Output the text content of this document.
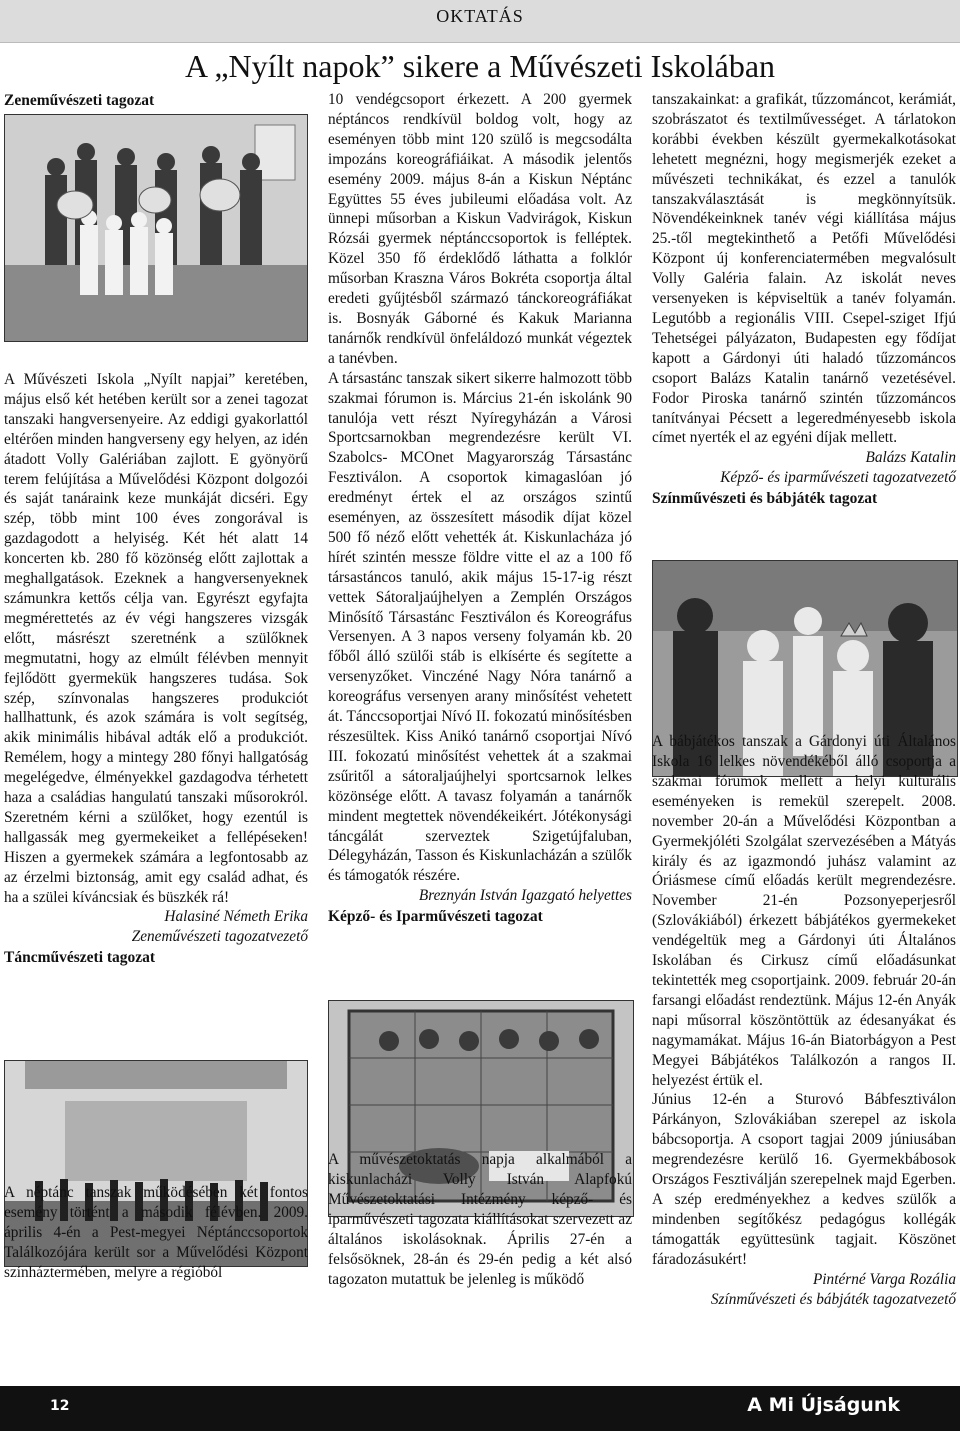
OKTATÁS
A „Nyílt napok” sikere a Művészeti Iskolában

Zeneművészeti tagozat

A Művészeti Iskola „Nyílt napjai” keretében, május első két hetében került sor a zenei tagozat tanszaki hangversenyeire. Az eddigi gyakorlattól eltérően minden hangverseny egy helyen, az idén átadott Volly Galériában zajlott. E gyönyörű terem felújítása a Művelődési Központ dolgozói és saját tanáraink keze munkáját dicséri. Egy szép, több mint 100 éves zongorával is gazdagodott a helyiség. Két hét alatt 14 koncerten kb. 280 fő közönség előtt zajlottak a meghallgatások. Ezeknek a hangversenyeknek számunkra kettős célja van. Egyrészt egyfajta megmérettetés az év végi hangszeres vizsgák előtt, másrészt szeretnénk a szülőknek megmutatni, hogy az elmúlt félévben mennyit fejlődött gyermekük hangszeres tudása. Sok szép, színvonalas hangszeres produkciót hallhattunk, és azok számára is volt segítség, akik minimális hibával adták elő a produkciót. Remélem, hogy a mintegy 280 főnyi hallgatóság megelégedve, élményekkel gazdagodva térhetett haza a családias hangulatú tanszaki műsorokról. Szeretném kérni a szülőket, hogy ezentúl is hallgassák meg gyermekeiket a fellépéseken! Hiszen a gyermekek számára a legfontosabb az az érzelmi biztonság, amit egy család adhat, és ha a szülei kíváncsiak és büszkék rá!

Halasiné Németh Erika

Zeneművészeti tagozatvezető

Táncművészeti tagozat

A néptánc tanszak működésében két fontos esemény történt a második félévben. 2009. április 4-én a Pest-megyei Néptánccsoportok Találkozójára került sor a Művelődési Központ színháztermében, melyre a régióból

10 vendégcsoport érkezett. A 200 gyermek néptáncos rendkívül boldog volt, hogy az eseményen több mint 120 szülő is megcsodálta impozáns koreográfiáikat. A második jelentős esemény 2009. május 8-án a Kiskun Néptánc Együttes 55 éves jubileumi előadása volt. Az ünnepi műsorban a Kiskun Vadvirágok, Kiskun Rózsái gyermek néptánccsoportok is felléptek. Közel 350 fő érdeklődő láthatta a folklór műsorban Kraszna Város Bokréta csoportja által eredeti gyűjtésből származó tánckoreográfiákat is. Bosnyák Gáborné és Kakuk Marianna tanárnők rendkívül önfeláldozó munkát végeztek a tanévben.

A társastánc tanszak sikert sikerre halmozott több szakmai fórumon is. Március 21-én iskolánk 90 tanulója vett részt Nyíregyházán a Városi Sportcsarnokban megrendezésre került VI. Szabolcs- MCOnet Magyarország Társastánc Fesztiválon. A csoportok kimagaslóan jó eredményt értek el az országos szintű eseményen, az összesített második díjat közel 500 fő néző előtt vehették át. Kiskunlacháza jó hírét szintén messze földre vitte el az a 100 fő társastáncos tanuló, akik május 15-17-ig részt vettek Sátoraljaújhelyen a Zemplén Országos Minősítő Társastánc Fesztiválon és Koreográfus Versenyen. A 3 napos verseny folyamán kb. 20 főből álló szülői stáb is elkísérte és segítette a versenyzőket. Vinczéné Nagy Nóra tanárnő a koreográfus versenyen arany minősítést vehetett át. Tánccsoportjai Nívó II. fokozatú minősítésben részesültek. Kiss Anikó tanárnő csoportjai Nívó III. fokozatú minősítést vehettek át a szakmai zsűritől a sátoraljaújhelyi sportcsarnok lelkes közönsége előtt. A tavasz folyamán a tanárnők mindent megtettek növendékeikért. Jótékonysági táncgálát szerveztek Szigetújfaluban, Délegyházán, Tasson és Kiskunlacházán a szülők és támogatók részére.

Breznyán István Igazgató helyettes

Képző- és Iparművészeti tagozat

A művészetoktatás napja alkalmából a kiskunlacházi Volly István Alapfokú Művészetoktatási Intézmény képző- és iparművészeti tagozata kiállításokat szervezett az általános iskolásoknak. Április 27-én a felsősöknek, 28-án és 29-én pedig a két alsó tagozaton mutattuk be jelenleg is működő

tanszakainkat: a grafikát, tűzzománcot, kerámiát, szobrászatot és textilművességet. A tárlatokon korábbi években készült gyermekalkotásokat lehetett megnézni, hogy megismerjék ezeket a művészeti technikákat, és ezzel a tanulók tanszakválasztását is megkönnyítsük. Növendékeinknek tanév végi kiállítása május 25.-től megtekinthető a Petőfi Művelődési Központ új konferenciatermében megvalósult Volly Galéria falain. Az iskolát neves versenyeken is képviseltük a tanév folyamán. Legutóbb a regionális VIII. Csepel-sziget Ifjú Tehetségei pályázaton, Budapesten egy fődíjat kapott a Gárdonyi úti haladó tűzzománcos csoport Balázs Katalin tanárnő vezetésével. Fodor Piroska tanárnő szintén tűzzománcos tanítványai Pécsett a legeredményesebb iskola címet nyerték el az egyéni díjak mellett.

Balázs Katalin

Képző- és iparművészeti tagozatvezető

Színművészeti és bábjáték tagozat

A bábjátékos tanszak a Gárdonyi úti Általános Iskola 16 lelkes növendékéből álló csoportja a szakmai fórumok mellett a helyi kulturális eseményeken is remekül szerepelt. 2008. november 20-án a Művelődési Központban a Gyermekjóléti Szolgálat szervezésében a Mátyás király és az igazmondó juhász valamint az Óriásmese című előadás került megrendezésre. November 21-én Pozsonyeperjesről (Szlovákiából) érkezett bábjátékos gyermekeket vendégeltük meg a Gárdonyi úti Általános Iskolában és Cirkusz című előadásunkat tekintették meg csoportjaink. 2009. február 20-án farsangi előadást rendeztünk. Május 12-én Anyák napi műsorral köszöntöttük az édesanyákat és nagymamákat. Május 16-án Biatorbágyon a Pest Megyei Bábjátékos Találkozón a rangos II. helyezést értük el.

Június 12-én a Sturovó Bábfesztiválon Párkányon, Szlovákiában szerepel az iskola bábcsoportja. A csoport tagjai 2009 júniusában megrendezésre kerülő 16. Gyermekbábosok Országos Fesztiválján szerepelnek majd Egerben. A szép eredményekhez a kedves szülők a mindenben segítőkész pedagógus kollégák támogatták együttesünk tagjait. Köszönet fáradozásukért!

Pintérné Varga Rozália

Színművészeti és bábjáték tagozatvezető

12	A Mi Újságunk
